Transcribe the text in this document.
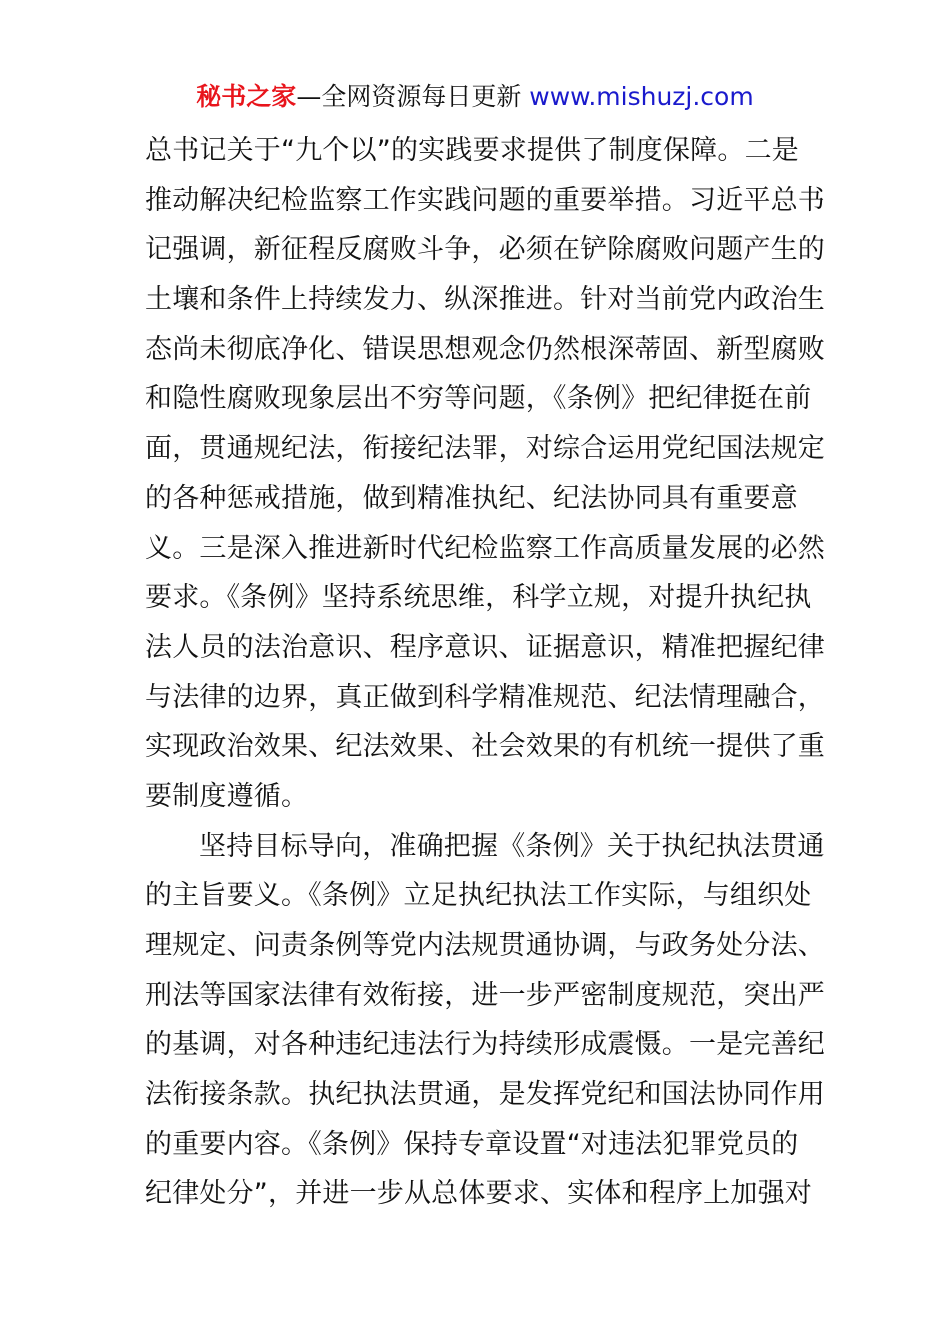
秘书之家—全网资源每日更新 www.mishuzj.com
总书记关于“九个以”的实践要求提供了制度保障。二是
推动解决纪检监察工作实践问题的重要举措。习近平总书
记强调，新征程反腐败斗争，必须在铲除腐败问题产生的
土壤和条件上持续发力、纵深推进。针对当前党内政治生
态尚未彻底净化、错误思想观念仍然根深蒂固、新型腐败
和隐性腐败现象层出不穷等问题，《条例》把纪律挺在前
面，贯通规纪法，衔接纪法罪，对综合运用党纪国法规定
的各种惩戒措施，做到精准执纪、纪法协同具有重要意
义。三是深入推进新时代纪检监察工作高质量发展的必然
要求。《条例》坚持系统思维，科学立规，对提升执纪执
法人员的法治意识、程序意识、证据意识，精准把握纪律
与法律的边界，真正做到科学精准规范、纪法情理融合，
实现政治效果、纪法效果、社会效果的有机统一提供了重
要制度遵循。
坚持目标导向，准确把握《条例》关于执纪执法贯通
的主旨要义。《条例》立足执纪执法工作实际，与组织处
理规定、问责条例等党内法规贯通协调，与政务处分法、
刑法等国家法律有效衔接，进一步严密制度规范，突出严
的基调，对各种违纪违法行为持续形成震慑。一是完善纪
法衔接条款。执纪执法贯通，是发挥党纪和国法协同作用
的重要内容。《条例》保持专章设置“对违法犯罪党员的
纪律处分”，并进一步从总体要求、实体和程序上加强对
